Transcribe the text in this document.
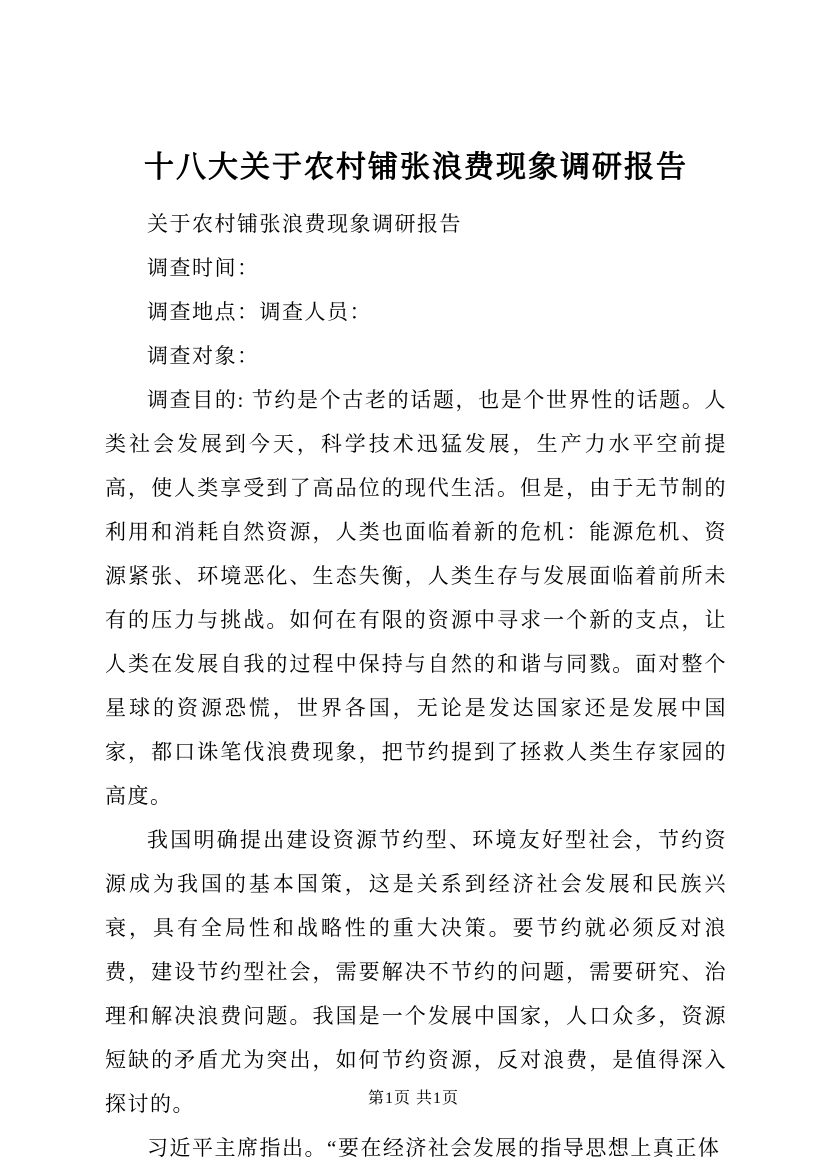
十八大关于农村铺张浪费现象调研报告

关于农村铺张浪费现象调研报告

调查时间：

调查地点：调查人员：

调查对象：

调查目的: 节约是个古老的话题，也是个世界性的话题。人类社会发展到今天，科学技术迅猛发展，生产力水平空前提高，使人类享受到了高品位的现代生活。但是，由于无节制的利用和消耗自然资源，人类也面临着新的危机：能源危机、资源紧张、环境恶化、生态失衡，人类生存与发展面临着前所未有的压力与挑战。如何在有限的资源中寻求一个新的支点，让人类在发展自我的过程中保持与自然的和谐与同戮。面对整个星球的资源恐慌，世界各国，无论是发达国家还是发展中国家，都口诛笔伐浪费现象，把节约提到了拯救人类生存家园的高度。

我国明确提出建设资源节约型、环境友好型社会，节约资源成为我国的基本国策，这是关系到经济社会发展和民族兴衰，具有全局性和战略性的重大决策。要节约就必须反对浪费，建设节约型社会，需要解决不节约的问题，需要研究、治理和解决浪费问题。我国是一个发展中国家，人口众多，资源短缺的矛盾尤为突出，如何节约资源，反对浪费，是值得深入探讨的。

习近平主席指出。“要在经济社会发展的指导思想上真正体

第1页 共1页
